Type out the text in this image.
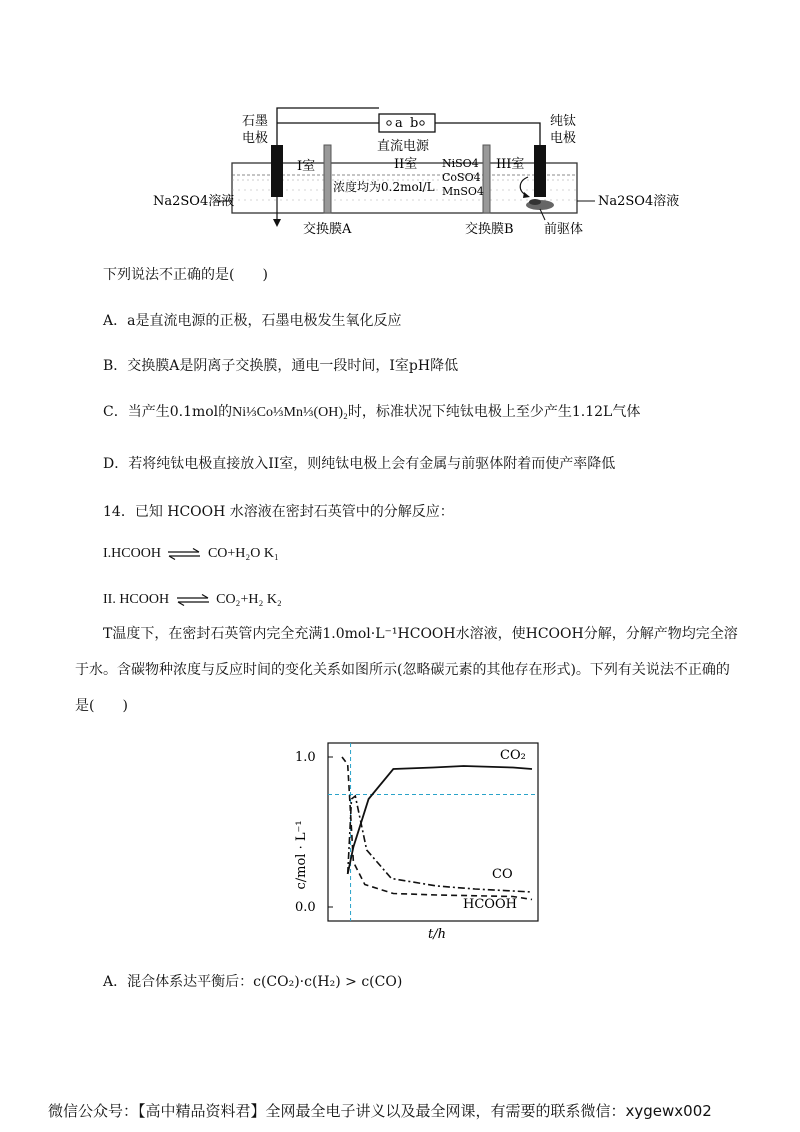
a b
直流电源
石墨
电极
纯钛
电极
I室	II室	III室
NiSO4
CoSO4
MnSO4
浓度均为0.2mol/L
Na2SO4溶液	Na2SO4溶液
交换膜A	交换膜B 前驱体
下列说法不正确的是(　　)
A．a是直流电源的正极，石墨电极发生氧化反应
B．交换膜A是阴离子交换膜，通电一段时间，I室pH降低
C．当产生0.1mol的Ni⅓Co⅓Mn⅓(OH)₂时，标准状况下纯钛电极上至少产生1.12L气体
D．若将纯钛电极直接放入II室，则纯钛电极上会有金属与前驱体附着而使产率降低
14．已知 HCOOH 水溶液在密封石英管中的分解反应：
I.HCOOH ⇌ CO+H₂O K₁
II. HCOOH ⇌ CO₂+H₂ K₂

T温度下，在密封石英管内完全充满1.0mol·L⁻¹HCOOH水溶液，使HCOOH分解，分解产物均完全溶

于水。含碳物种浓度与反应时间的变化关系如图所示(忽略碳元素的其他存在形式)。下列有关说法不正确的

是(　　)

c/mol · L⁻¹
1.0
0.0
t/h
CO₂
CO
HCOOH
A．混合体系达平衡后：c(CO₂)·c(H₂) > c(CO)
微信公众号：【高中精品资料君】全网最全电子讲义以及最全网课，有需要的联系微信：xygewx002
